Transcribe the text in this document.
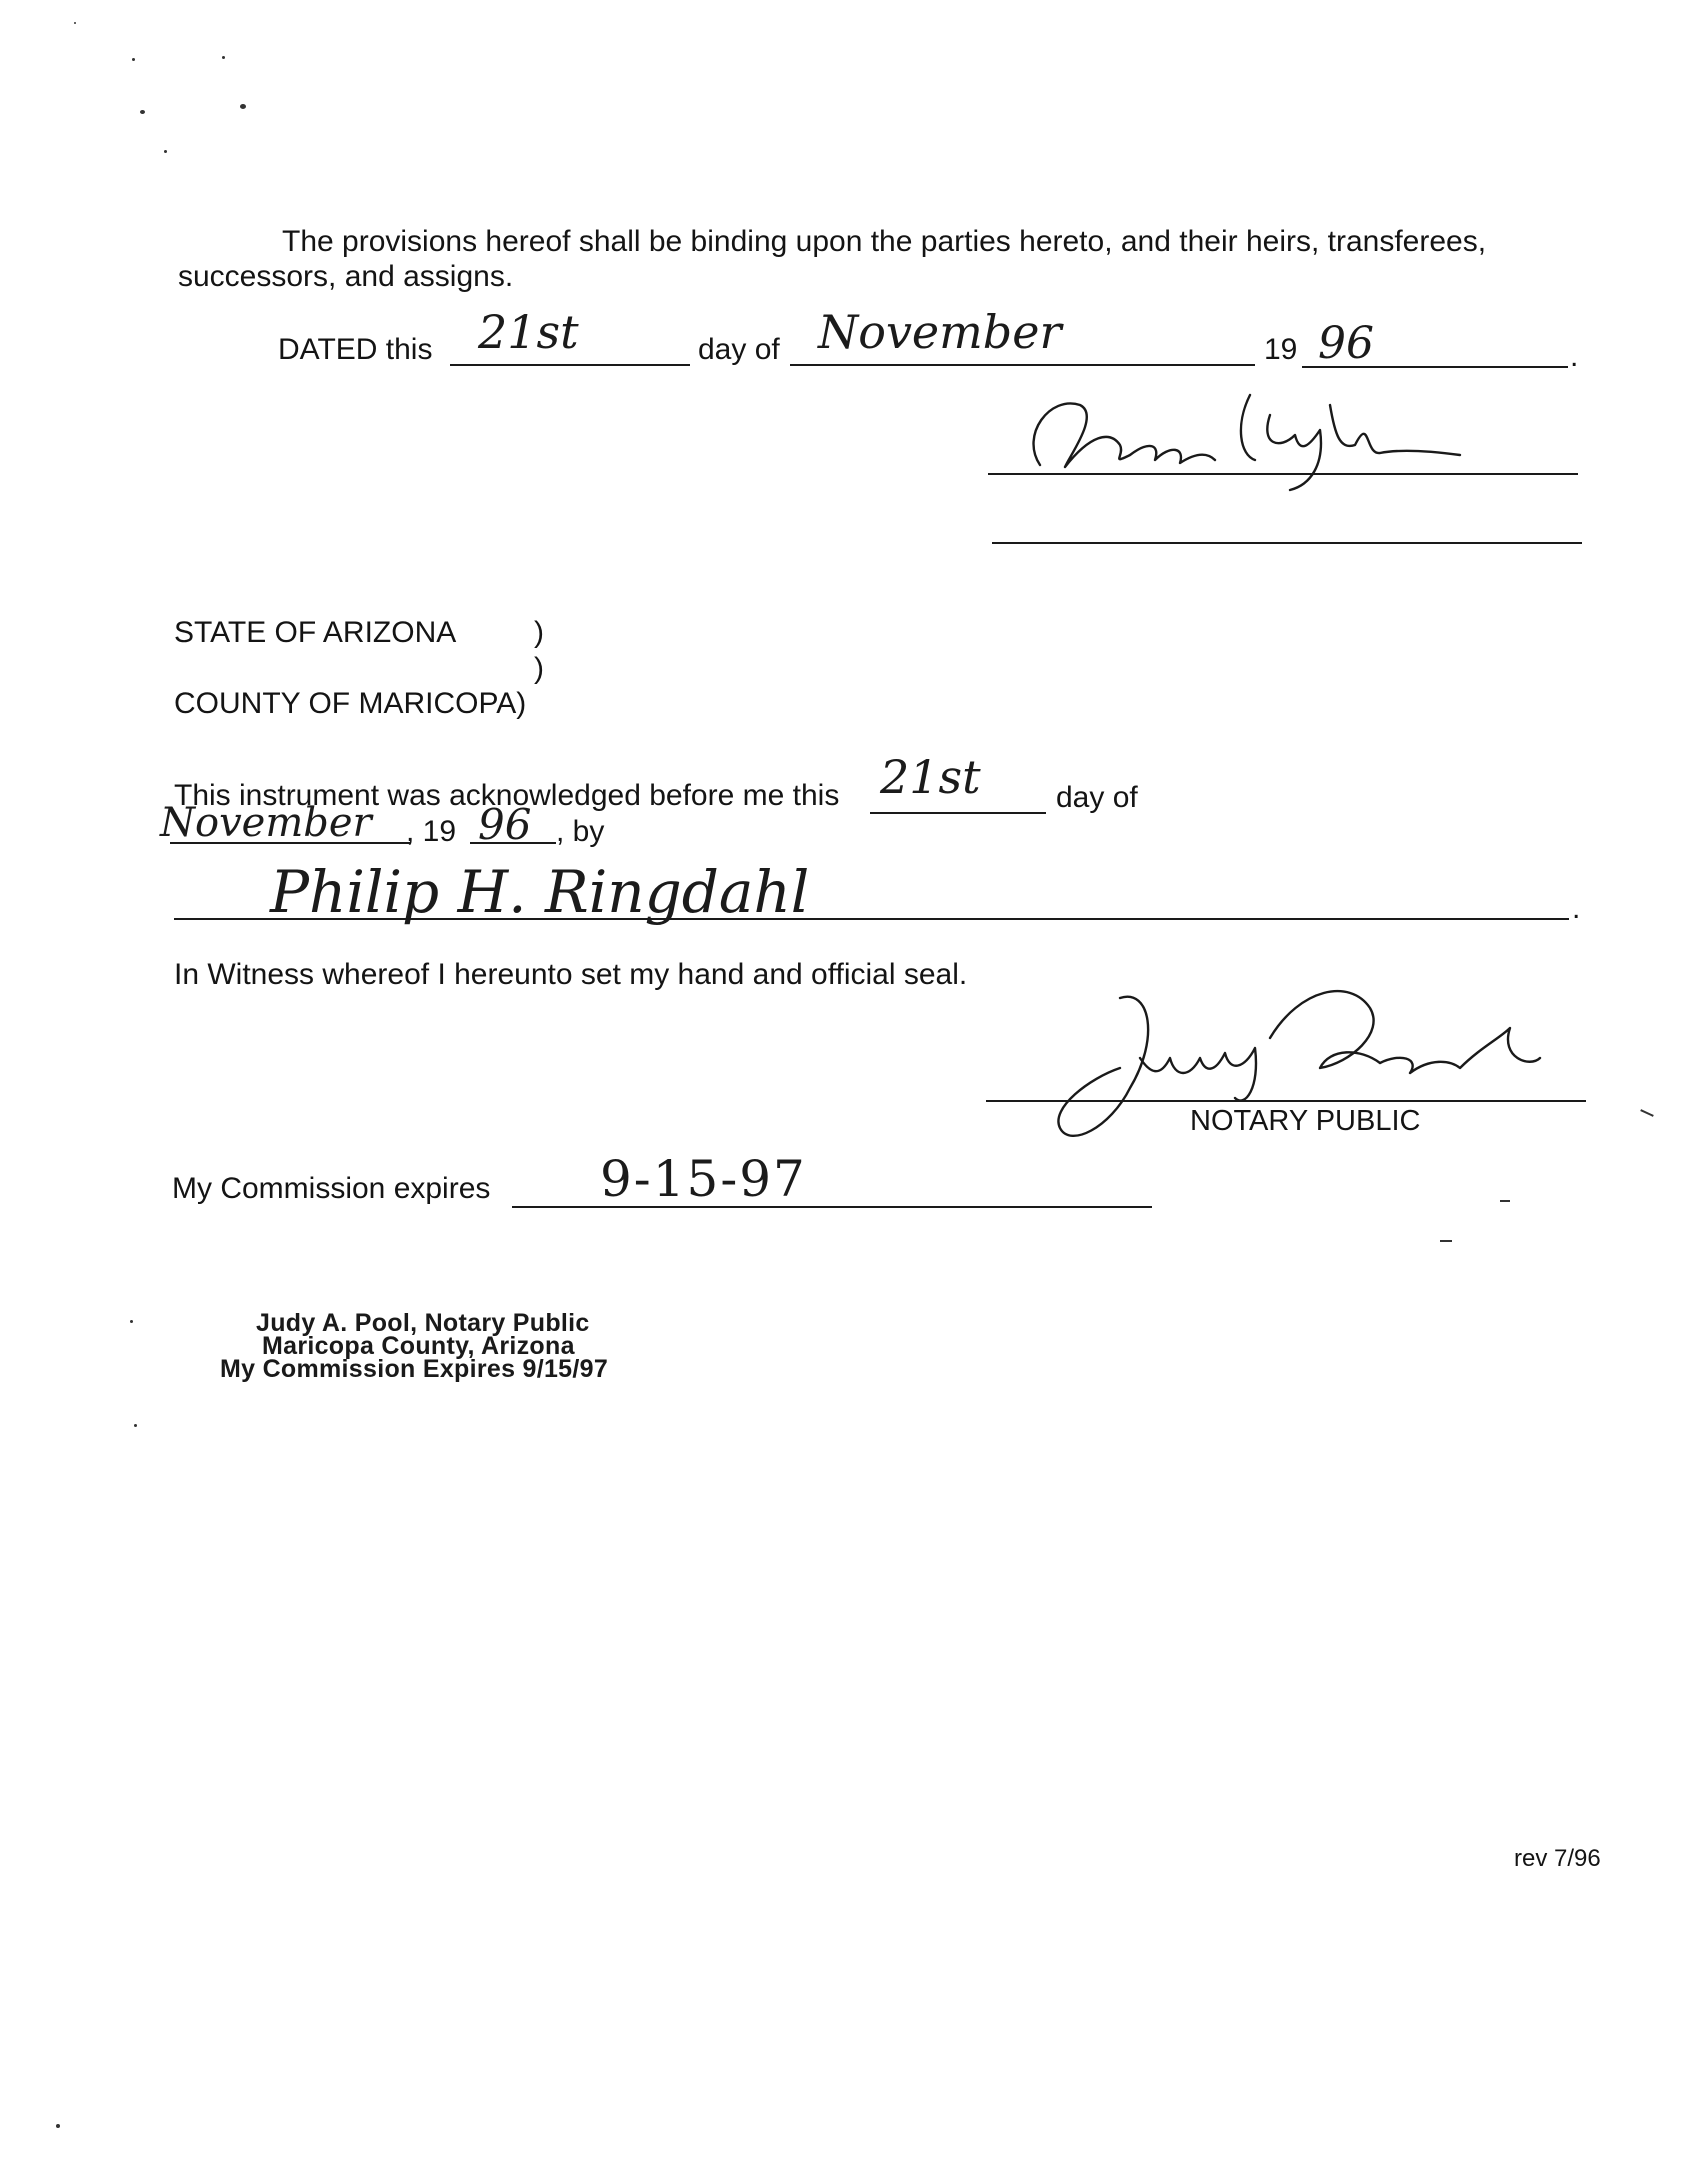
The provisions hereof shall be binding upon the parties hereto, and their heirs, transferees,
successors, and assigns.
DATED this 21st	day of November	19 96	.
STATE OF ARIZONA	)
)
COUNTY OF MARICOPA)
This instrument was acknowledged before me this 21st	day of
November , 19 96 , by
Philip H. Ringdahl	.
In Witness whereof I hereunto set my hand and official seal.
NOTARY PUBLIC
My Commission expires 9-15-97
Judy A. Pool, Notary Public
Maricopa County, Arizona
My Commission Expires 9/15/97
rev 7/96
